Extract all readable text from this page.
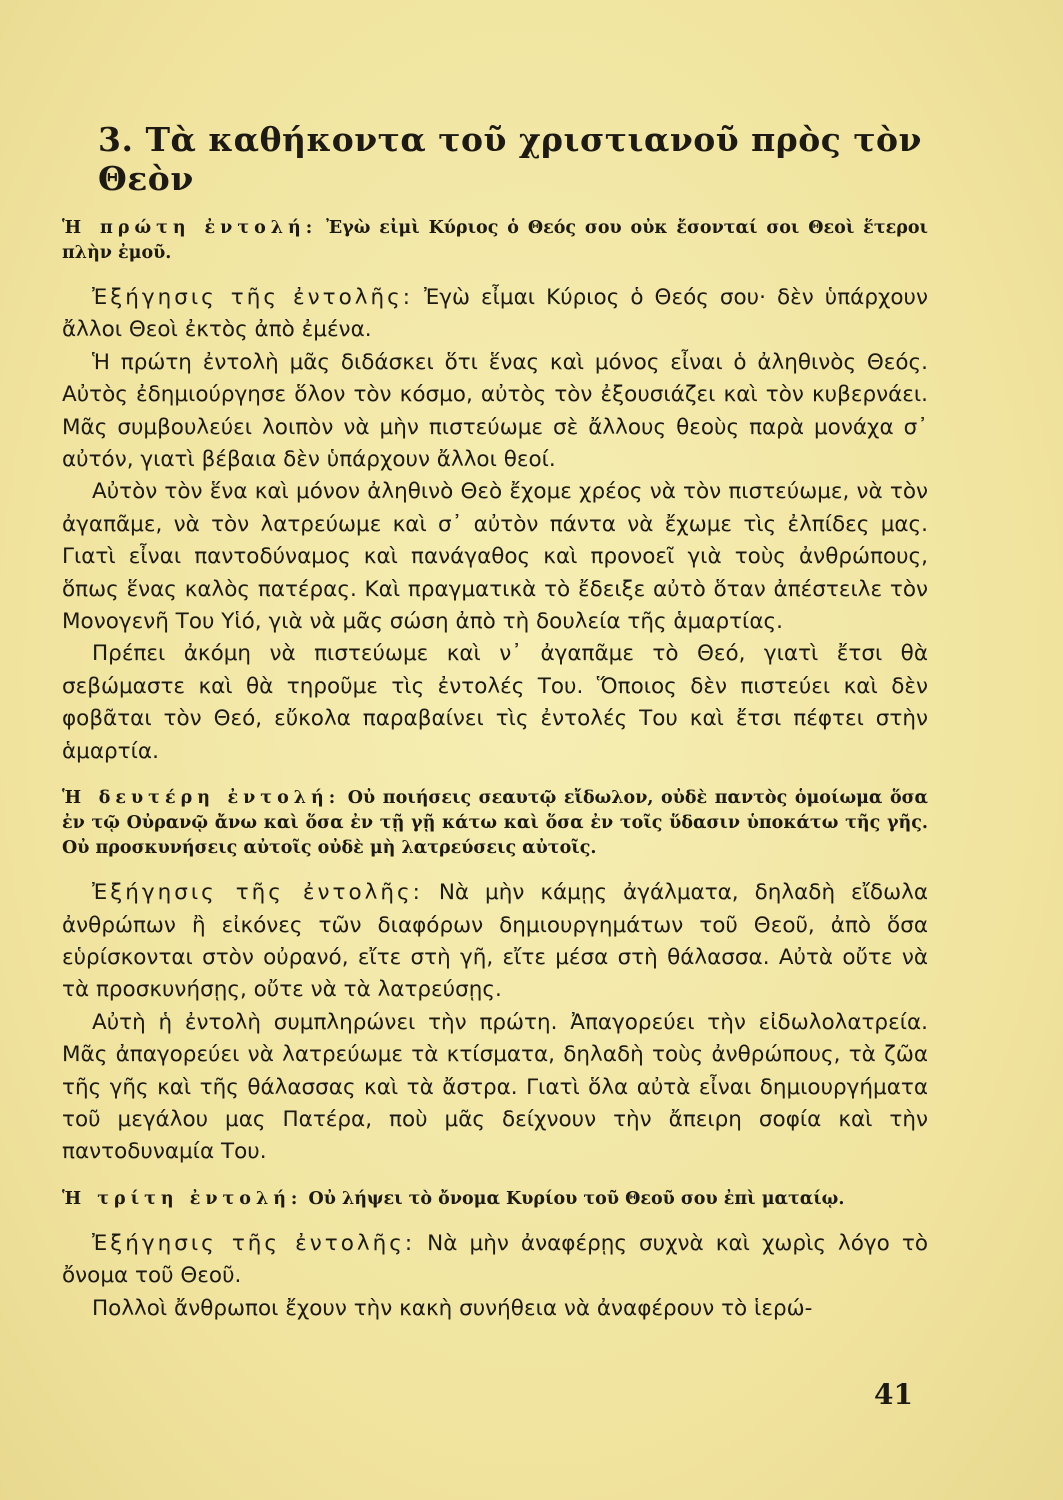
3. Τὰ καθήκοντα τοῦ χριστιανοῦ πρὸς τὸν Θεὸν

Ἡ πρώτη ἐντολή: Ἐγὼ εἰμὶ Κύριος ὁ Θεός σου οὐκ ἔσονταί σοι Θεοὶ ἕτεροι πλὴν ἐμοῦ.

Ἐξήγησις τῆς ἐντολῆς: Ἐγὼ εἶμαι Κύριος ὁ Θεός σου· δὲν ὑπάρχουν ἄλλοι Θεοὶ ἐκτὸς ἀπὸ ἐμένα.

Ἡ πρώτη ἐντολὴ μᾶς διδάσκει ὅτι ἕνας καὶ μόνος εἶναι ὁ ἀληθινὸς Θεός. Αὐτὸς ἐδημιούργησε ὅλον τὸν κόσμο, αὐτὸς τὸν ἐξουσιάζει καὶ τὸν κυβερνάει. Μᾶς συμβουλεύει λοιπὸν νὰ μὴν πιστεύωμε σὲ ἄλλους θεοὺς παρὰ μονάχα σ᾽ αὐτόν, γιατὶ βέβαια δὲν ὑπάρχουν ἄλλοι θεοί.

Αὐτὸν τὸν ἕνα καὶ μόνον ἀληθινὸ Θεὸ ἔχομε χρέος νὰ τὸν πιστεύωμε, νὰ τὸν ἀγαπᾶμε, νὰ τὸν λατρεύωμε καὶ σ᾽ αὐτὸν πάντα νὰ ἔχωμε τὶς ἐλπίδες μας. Γιατὶ εἶναι παντοδύναμος καὶ πανάγαθος καὶ προνοεῖ γιὰ τοὺς ἀνθρώπους, ὅπως ἕνας καλὸς πατέρας. Καὶ πραγματικὰ τὸ ἔδειξε αὐτὸ ὅταν ἀπέστειλε τὸν Μονογενῆ Του Υἱό, γιὰ νὰ μᾶς σώση ἀπὸ τὴ δουλεία τῆς ἁμαρτίας.

Πρέπει ἀκόμη νὰ πιστεύωμε καὶ ν᾽ ἀγαπᾶμε τὸ Θεό, γιατὶ ἔτσι θὰ σεβώμαστε καὶ θὰ τηροῦμε τὶς ἐντολές Του. Ὅποιος δὲν πιστεύει καὶ δὲν φοβᾶται τὸν Θεό, εὔκολα παραβαίνει τὶς ἐντολές Του καὶ ἔτσι πέφτει στὴν ἁμαρτία.

Ἡ δευτέρη ἐντολή: Οὐ ποιήσεις σεαυτῷ εἴδωλον, οὐδὲ παντὸς ὁμοίωμα ὅσα ἐν τῷ Οὐρανῷ ἄνω καὶ ὅσα ἐν τῇ γῇ κάτω καὶ ὅσα ἐν τοῖς ὕδασιν ὑποκάτω τῆς γῆς. Οὐ προσκυνήσεις αὐτοῖς οὐδὲ μὴ λατρεύσεις αὐτοῖς.

Ἐξήγησις τῆς ἐντολῆς: Νὰ μὴν κάμῃς ἀγάλματα, δηλαδὴ εἴδωλα ἀνθρώπων ἢ εἰκόνες τῶν διαφόρων δημιουργημάτων τοῦ Θεοῦ, ἀπὸ ὅσα εὑρίσκονται στὸν οὐρανό, εἴτε στὴ γῆ, εἴτε μέσα στὴ θάλασσα. Αὐτὰ οὔτε νὰ τὰ προσκυνήσῃς, οὔτε νὰ τὰ λατρεύσῃς.

Αὐτὴ ἡ ἐντολὴ συμπληρώνει τὴν πρώτη. Ἀπαγορεύει τὴν εἰδωλολατρεία. Μᾶς ἀπαγορεύει νὰ λατρεύωμε τὰ κτίσματα, δηλαδὴ τοὺς ἀνθρώπους, τὰ ζῶα τῆς γῆς καὶ τῆς θάλασσας καὶ τὰ ἄστρα. Γιατὶ ὅλα αὐτὰ εἶναι δημιουργήματα τοῦ μεγάλου μας Πατέρα, ποὺ μᾶς δείχνουν τὴν ἄπειρη σοφία καὶ τὴν παντοδυναμία Του.

Ἡ τρίτη ἐντολή: Οὐ λήψει τὸ ὄνομα Κυρίου τοῦ Θεοῦ σου ἐπὶ ματαίῳ.

Ἐξήγησις τῆς ἐντολῆς: Νὰ μὴν ἀναφέρῃς συχνὰ καὶ χωρὶς λόγο τὸ ὄνομα τοῦ Θεοῦ.

Πολλοὶ ἄνθρωποι ἔχουν τὴν κακὴ συνήθεια νὰ ἀναφέρουν τὸ ἱερώ-

41
